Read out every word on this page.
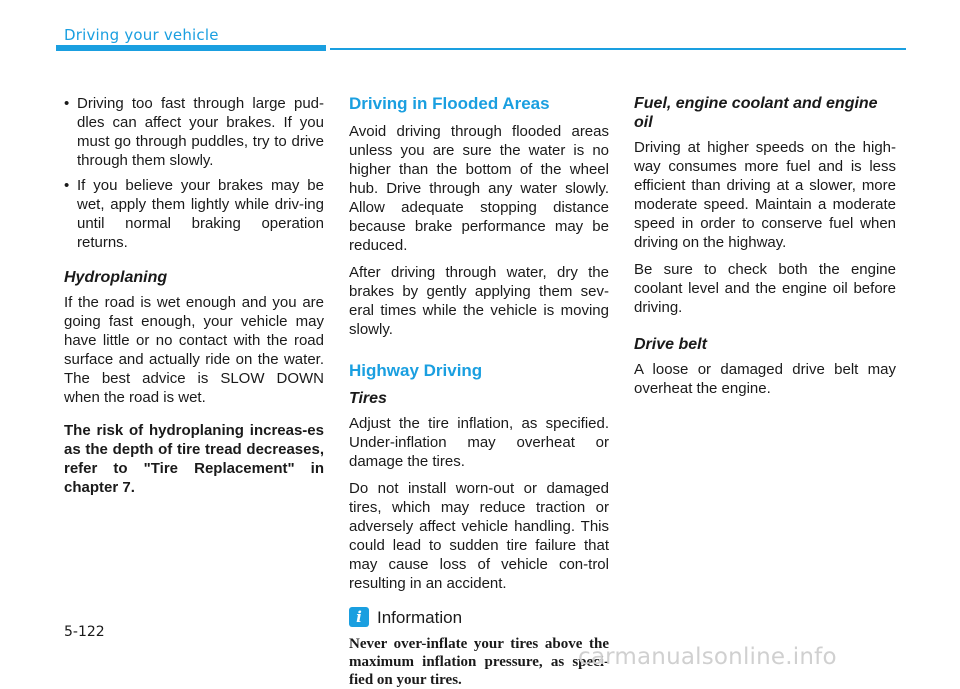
Driving your vehicle
• Driving too fast through large pud-dles can affect your brakes. If you must go through puddles, try to drive through them slowly.
• If you believe your brakes may be wet, apply them lightly while driv-ing until normal braking operation returns.
Hydroplaning

If the road is wet enough and you are going fast enough, your vehicle may have little or no contact with the road surface and actually ride on the water. The best advice is SLOW DOWN when the road is wet.

The risk of hydroplaning increas-es as the depth of tire tread decreases, refer to "Tire Replacement" in chapter 7.

Driving in Flooded Areas

Avoid driving through flooded areas unless you are sure the water is no higher than the bottom of the wheel hub. Drive through any water slowly. Allow adequate stopping distance because brake performance may be reduced.

After driving through water, dry the brakes by gently applying them sev-eral times while the vehicle is moving slowly.

Highway Driving
Tires

Adjust the tire inflation, as specified. Under-inflation may overheat or damage the tires.

Do not install worn-out or damaged tires, which may reduce traction or adversely affect vehicle handling. This could lead to sudden tire failure that may cause loss of vehicle con-trol resulting in an accident.

i Information

Never over-inflate your tires above the maximum inflation pressure, as speci-fied on your tires.

Fuel, engine coolant and engine oil

Driving at higher speeds on the high-way consumes more fuel and is less efficient than driving at a slower, more moderate speed. Maintain a moderate speed in order to conserve fuel when driving on the highway.

Be sure to check both the engine coolant level and the engine oil before driving.

Drive belt

A loose or damaged drive belt may overheat the engine.

5-122
carmanualsonline.info
